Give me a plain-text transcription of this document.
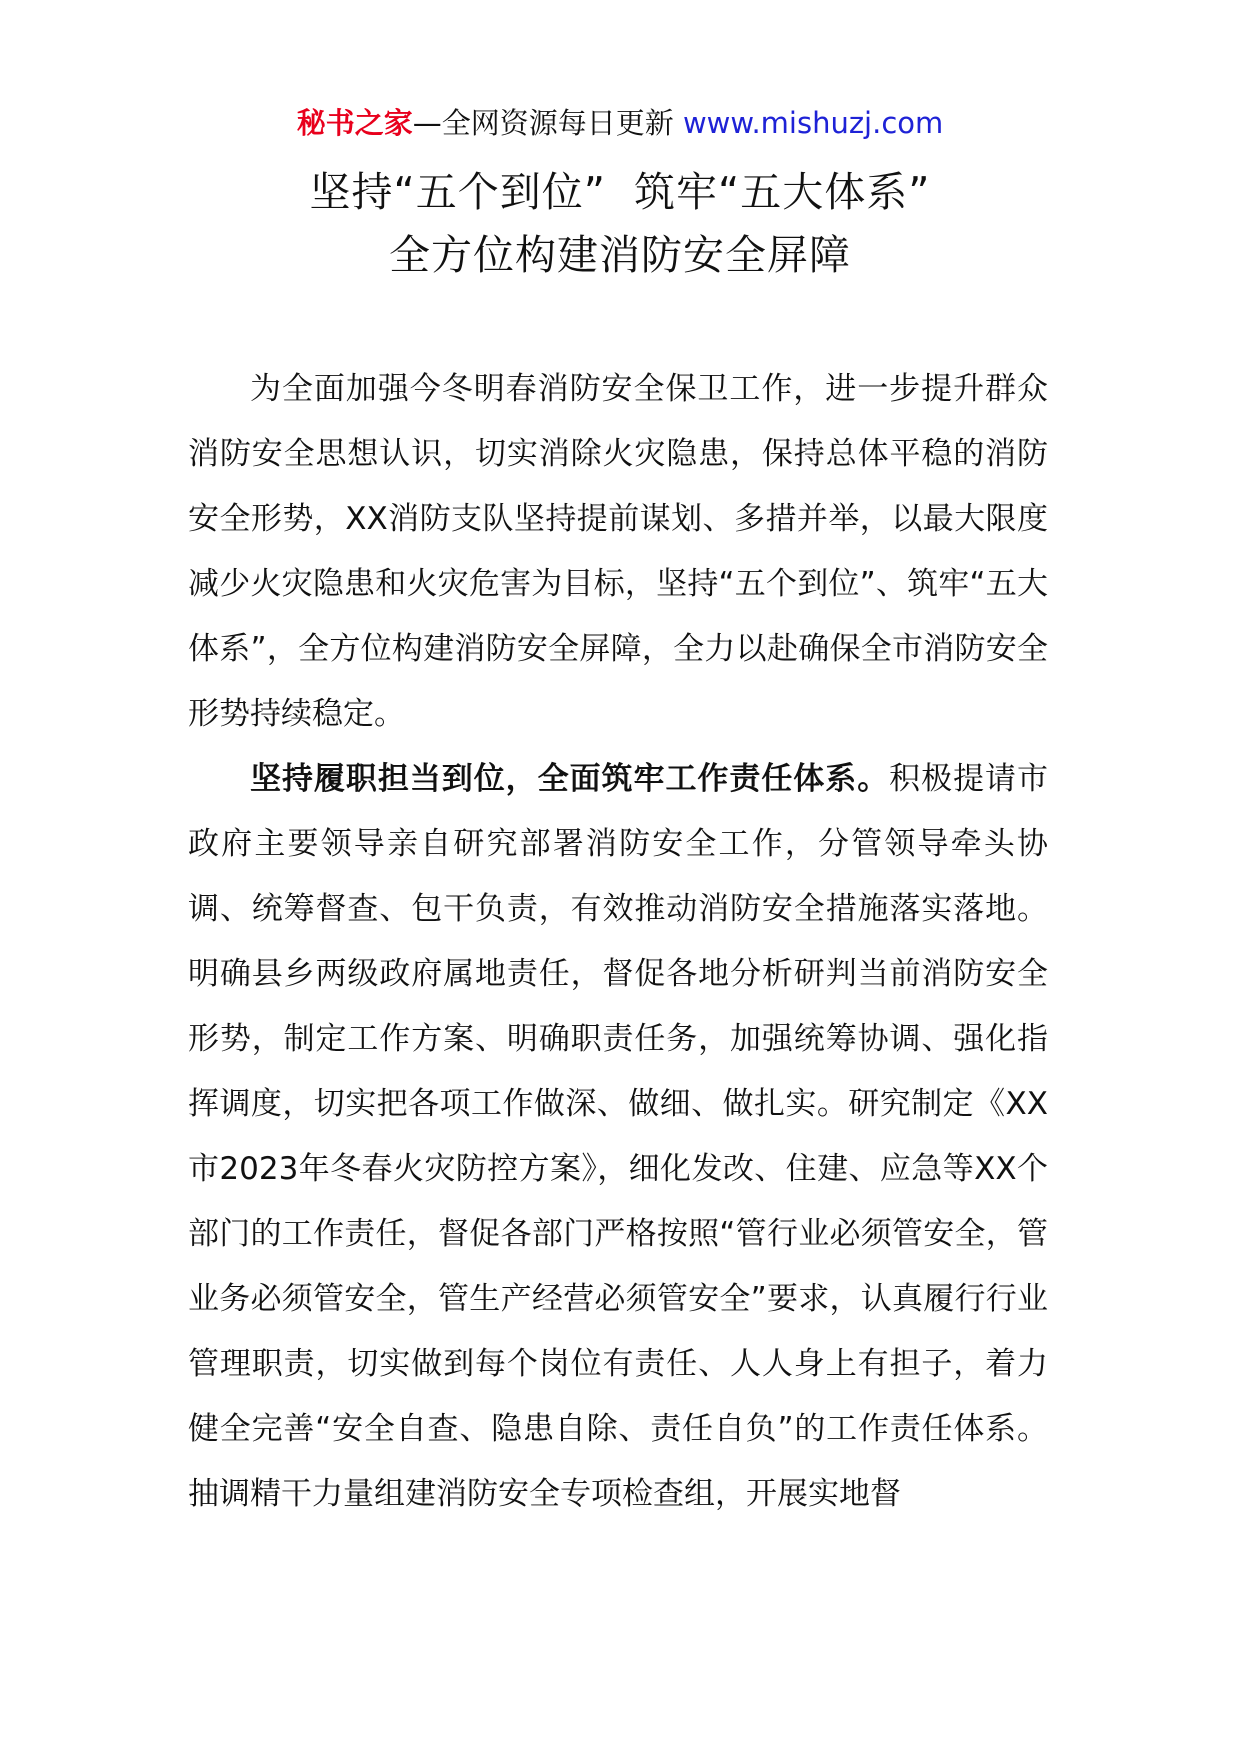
秘书之家—全网资源每日更新 www.mishuzj.com
坚持“五个到位”  筑牢“五大体系”
全方位构建消防安全屏障

为全面加强今冬明春消防安全保卫工作，进一步提升群众消防安全思想认识，切实消除火灾隐患，保持总体平稳的消防安全形势，XX消防支队坚持提前谋划、多措并举，以最大限度减少火灾隐患和火灾危害为目标，坚持“五个到位”、筑牢“五大体系”，全方位构建消防安全屏障，全力以赴确保全市消防安全形势持续稳定。

坚持履职担当到位，全面筑牢工作责任体系。积极提请市政府主要领导亲自研究部署消防安全工作，分管领导牵头协调、统筹督查、包干负责，有效推动消防安全措施落实落地。明确县乡两级政府属地责任，督促各地分析研判当前消防安全形势，制定工作方案、明确职责任务，加强统筹协调、强化指挥调度，切实把各项工作做深、做细、做扎实。研究制定《XX市2023年冬春火灾防控方案》，细化发改、住建、应急等XX个部门的工作责任，督促各部门严格按照“管行业必须管安全，管业务必须管安全，管生产经营必须管安全”要求，认真履行行业管理职责，切实做到每个岗位有责任、人人身上有担子，着力健全完善“安全自查、隐患自除、责任自负”的工作责任体系。抽调精干力量组建消防安全专项检查组，开展实地督
